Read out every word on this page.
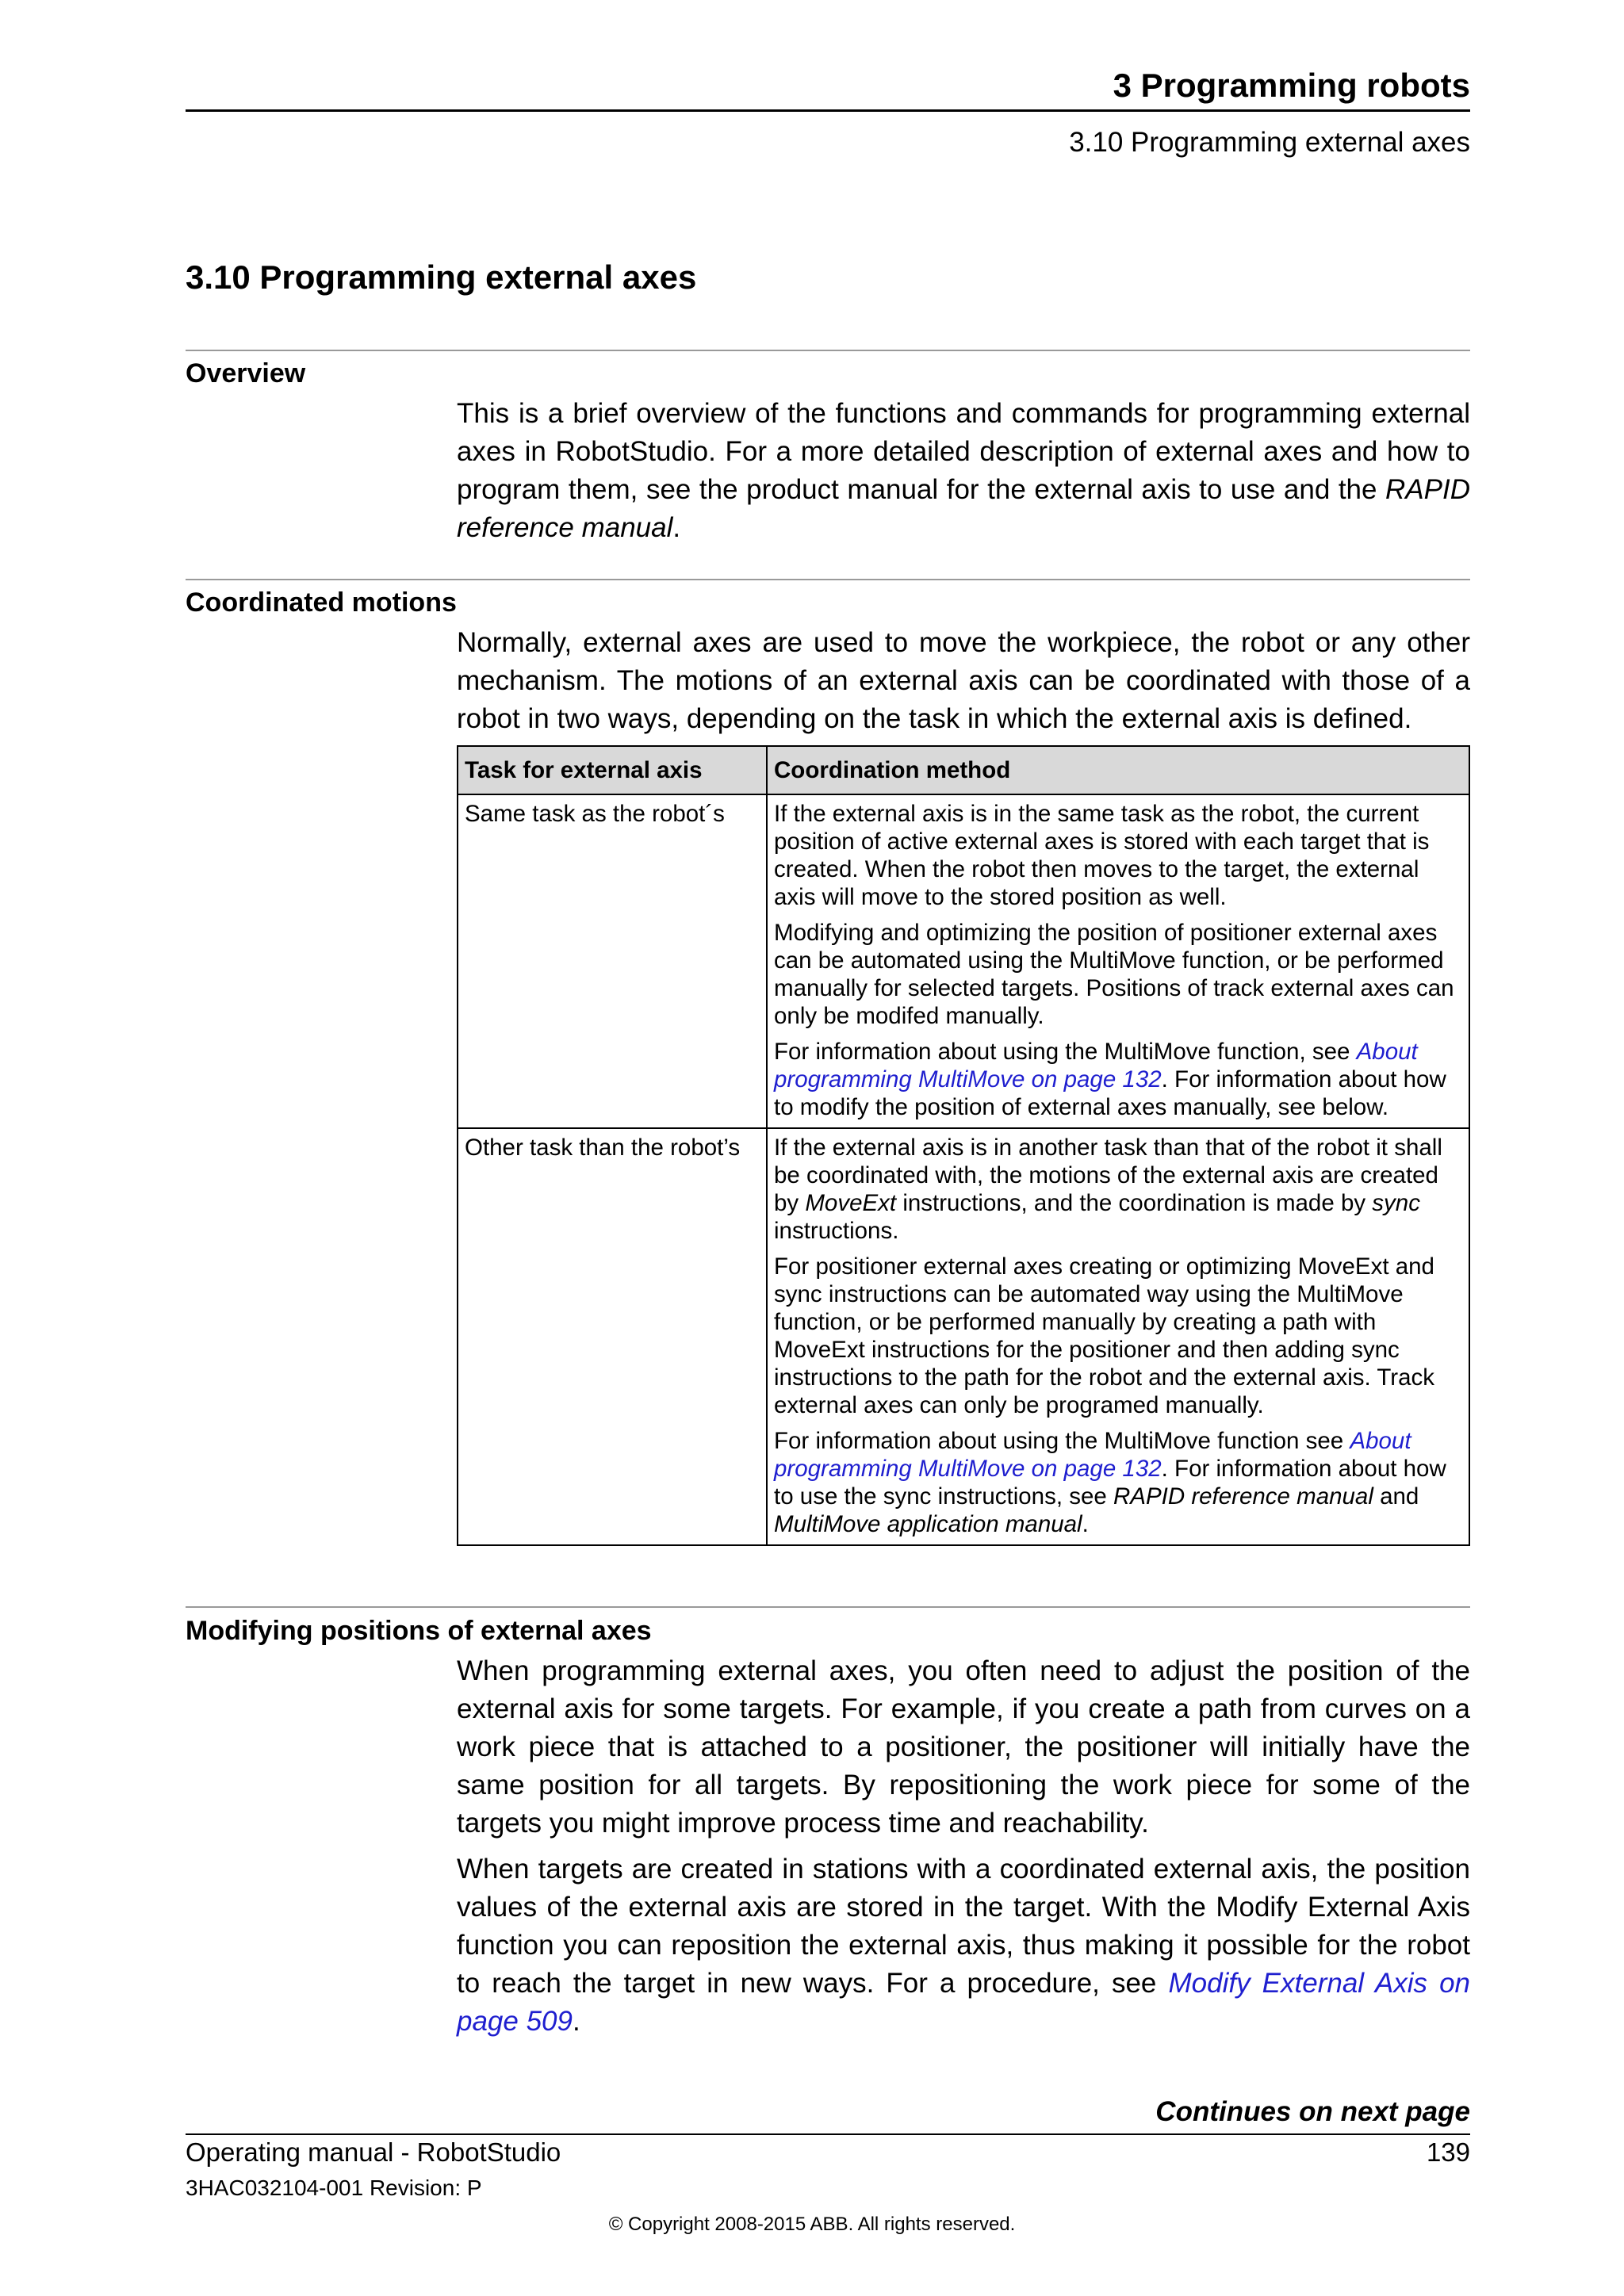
3 Programming robots
3.10 Programming external axes
3.10 Programming external axes
Overview

This is a brief overview of the functions and commands for programming external axes in RobotStudio. For a more detailed description of external axes and how to program them, see the product manual for the external axis to use and the RAPID reference manual.

Coordinated motions

Normally, external axes are used to move the workpiece, the robot or any other mechanism. The motions of an external axis can be coordinated with those of a robot in two ways, depending on the task in which the external axis is defined.

Task for external axis	Coordination method
Same task as the robot´s	If the external axis is in the same task as the robot, the current position of active external axes is stored with each target that is created. When the robot then moves to the target, the external axis will move to the stored position as well.

Modifying and optimizing the position of positioner external axes can be automated using the MultiMove function, or be performed manually for selected targets. Positions of track external axes can only be modifed manually.

For information about using the MultiMove function, see About programming MultiMove on page 132. For information about how to modify the position of external axes manually, see below.

Other task than the robot’s	If the external axis is in another task than that of the robot it shall be coordinated with, the motions of the external axis are created by MoveExt instructions, and the coordination is made by sync instructions.

For positioner external axes creating or optimizing MoveExt and sync instructions can be automated way using the MultiMove function, or be performed manually by creating a path with MoveExt instructions for the positioner and then adding sync instructions to the path for the robot and the external axis. Track external axes can only be programed manually.

For information about using the MultiMove function see About programming MultiMove on page 132. For information about how to use the sync instructions, see RAPID reference manual and MultiMove application manual.

Modifying positions of external axes

When programming external axes, you often need to adjust the position of the external axis for some targets. For example, if you create a path from curves on a work piece that is attached to a positioner, the positioner will initially have the same position for all targets. By repositioning the work piece for some of the targets you might improve process time and reachability.

When targets are created in stations with a coordinated external axis, the position values of the external axis are stored in the target. With the Modify External Axis function you can reposition the external axis, thus making it possible for the robot to reach the target in new ways. For a procedure, see Modify External Axis on page 509.

Continues on next page
Operating manual - RobotStudio	139
3HAC032104-001 Revision: P
© Copyright 2008-2015 ABB. All rights reserved.
